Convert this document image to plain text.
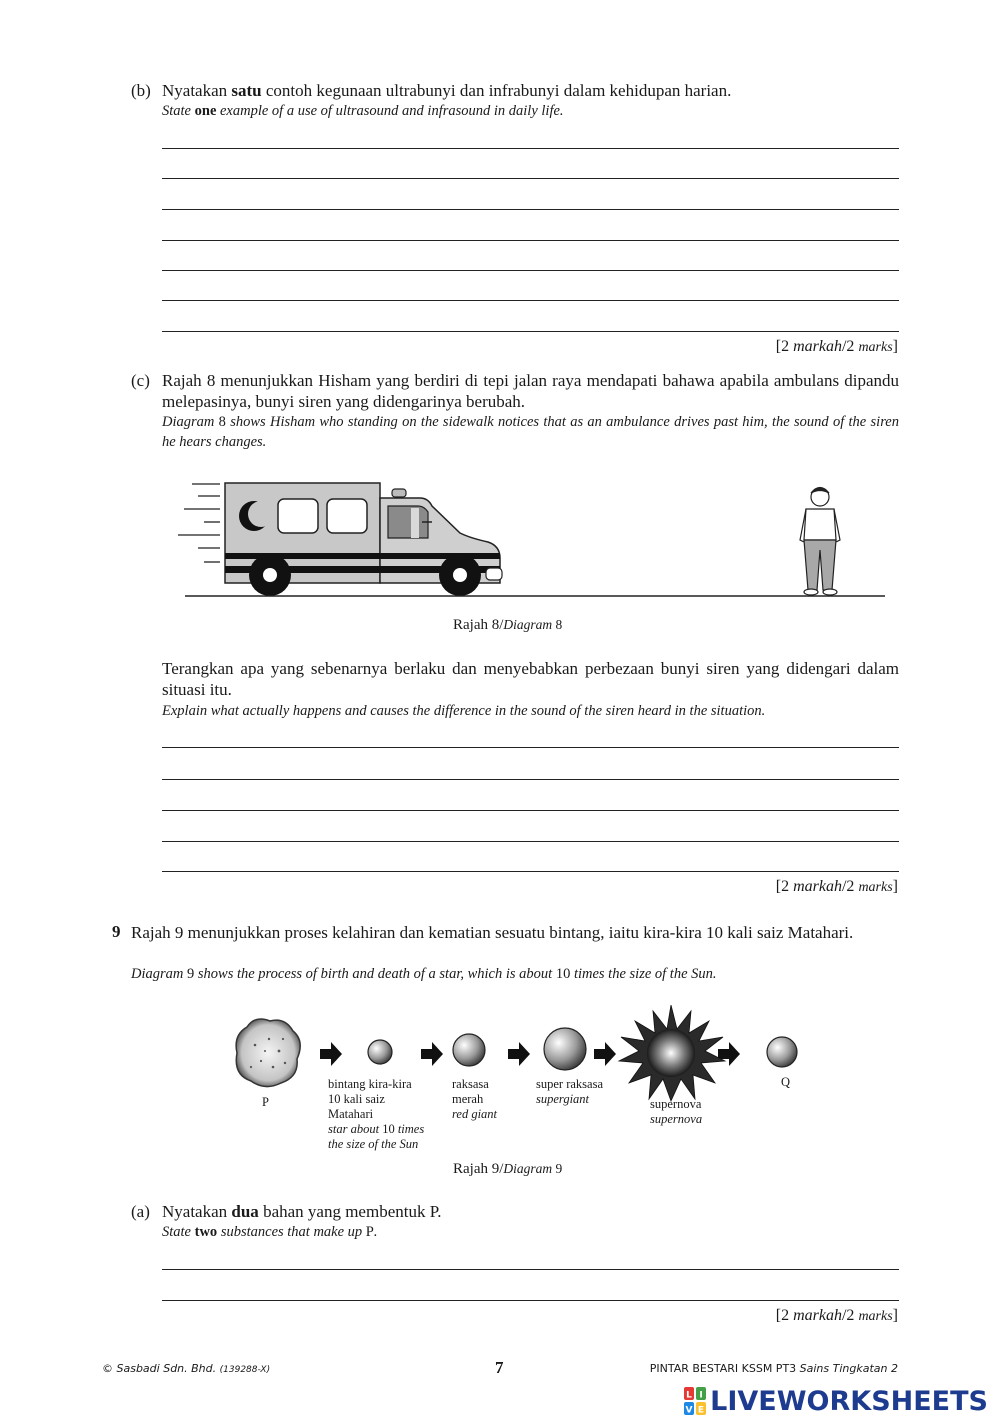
(b) Nyatakan satu contoh kegunaan ultrabunyi dan infrabunyi dalam kehidupan harian.
State one example of a use of ultrasound and infrasound in daily life.
[2 markah/2 marks]
(c) Rajah 8 menunjukkan Hisham yang berdiri di tepi jalan raya mendapati bahawa apabila ambulans dipandu melepasinya, bunyi siren yang didengarinya berubah.
Diagram 8 shows Hisham who standing on the sidewalk notices that as an ambulance drives past him, the sound of the siren he hears changes.
Rajah 8/Diagram 8
Terangkan apa yang sebenarnya berlaku dan menyebabkan perbezaan bunyi siren yang didengari dalam situasi itu.
Explain what actually happens and causes the difference in the sound of the siren heard in the situation.
[2 markah/2 marks]
9 Rajah 9 menunjukkan proses kelahiran dan kematian sesuatu bintang, iaitu kira-kira 10 kali saiz Matahari.
Diagram 9 shows the process of birth and death of a star, which is about 10 times the size of the Sun.
P
bintang kira-kira
10 kali saiz
Matahari
star about 10 times
the size of the Sun
raksasa
merah
red giant
super raksasa
supergiant	supernova
supernova
Q
Rajah 9/Diagram 9
(a) Nyatakan dua bahan yang membentuk P.
State two substances that make up P.
[2 markah/2 marks]
© Sasbadi Sdn. Bhd. (139288-X)	7	PINTAR BESTARI KSSM PT3 Sains Tingkatan 2
L I
V E LIVEWORKSHEETS
